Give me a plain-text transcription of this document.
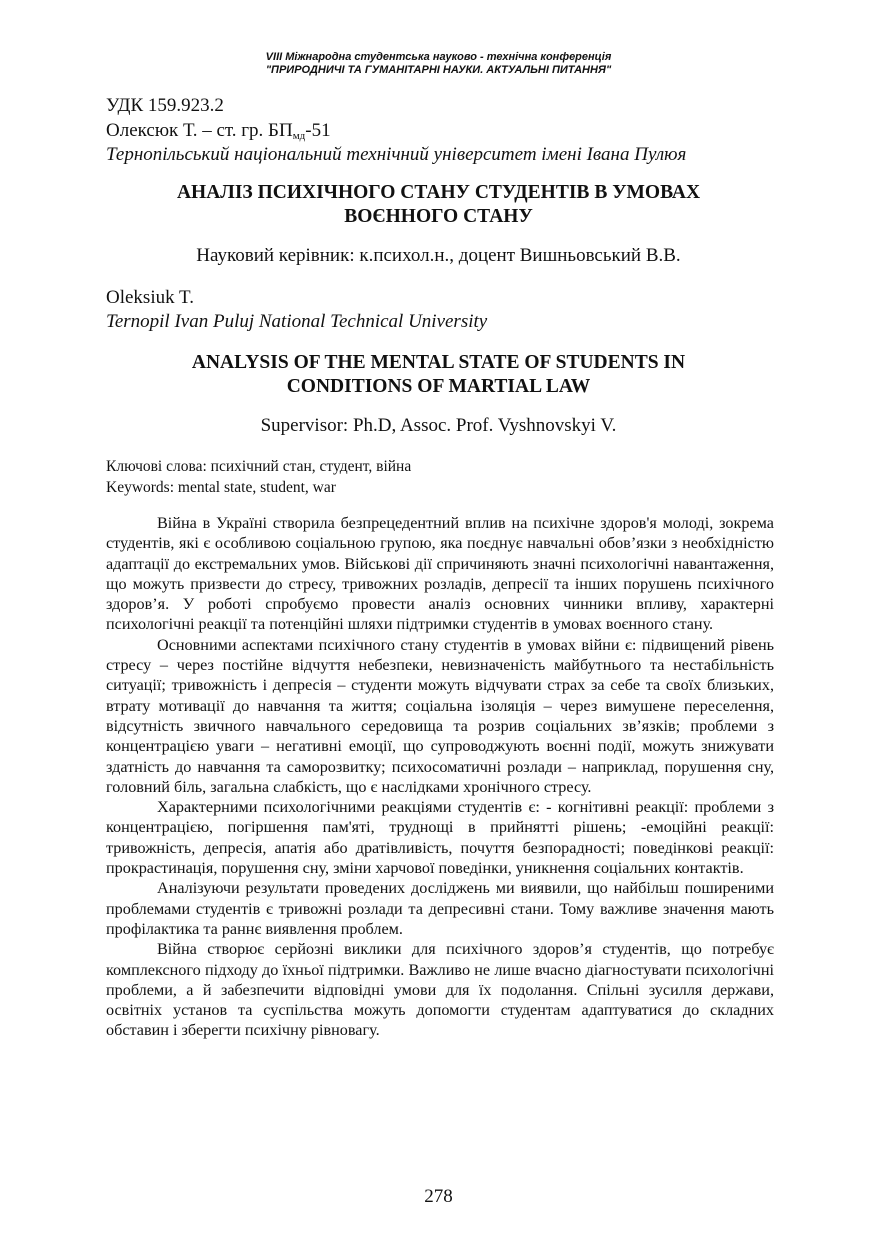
VIII Міжнародна студентська науково - технічна конференція
"ПРИРОДНИЧІ ТА ГУМАНІТАРНІ НАУКИ. АКТУАЛЬНІ ПИТАННЯ"
УДК 159.923.2
Олексюк Т. – ст. гр. $БП_{мд}-51$
Тернопільський національний технічний університет імені Івана Пулюя
АНАЛІЗ ПСИХІЧНОГО СТАНУ СТУДЕНТІВ В УМОВАХ
ВОЄННОГО СТАНУ
Науковий керівник: к.психол.н., доцент Вишньовський В.В.
Oleksiuk T.
Ternopil Ivan Puluj National Technical University
ANALYSIS OF THE MENTAL STATE OF STUDENTS IN
CONDITIONS OF MARTIAL LAW
Supervisor: Ph.D, Assoc. Prof. Vyshnovskyi V.
Ключові слова: психічний стан, студент, війна
Keywords: mental state, student, war

Війна в Україні створила безпрецедентний вплив на психічне здоров'я молоді, зокрема студентів, які є особливою соціальною групою, яка поєднує навчальні обов’язки з необхідністю адаптації до екстремальних умов. Військові дії спричиняють значні психологічні навантаження, що можуть призвести до стресу, тривожних розладів, депресії та інших порушень психічного здоров’я. У роботі спробуємо провести аналіз основних чинники впливу, характерні психологічні реакції та потенційні шляхи підтримки студентів в умовах воєнного стану.

Основними аспектами психічного стану студентів в умовах війни є: підвищений рівень стресу – через постійне відчуття небезпеки, невизначеність майбутнього та нестабільність ситуації; тривожність і депресія – студенти можуть відчувати страх за себе та своїх близьких, втрату мотивації до навчання та життя; соціальна ізоляція – через вимушене переселення, відсутність звичного навчального середовища та розрив соціальних зв’язків; проблеми з концентрацією уваги – негативні емоції, що супроводжують воєнні події, можуть знижувати здатність до навчання та саморозвитку; психосоматичні розлади – наприклад, порушення сну, головний біль, загальна слабкість, що є наслідками хронічного стресу.

Характерними психологічними реакціями студентів є: - когнітивні реакції: проблеми з концентрацією, погіршення пам'яті, труднощі в прийнятті рішень; -емоційні реакції: тривожність, депресія, апатія або дратівливість, почуття безпорадності; поведінкові реакції: прокрастинація, порушення сну, зміни харчової поведінки, уникнення соціальних контактів.

Аналізуючи результати проведених досліджень ми виявили, що найбільш поширеними проблемами студентів є тривожні розлади та депресивні стани. Тому важливе значення мають профілактика та раннє виявлення проблем.

Війна створює серйозні виклики для психічного здоров’я студентів, що потребує комплексного підходу до їхньої підтримки. Важливо не лише вчасно діагностувати психологічні проблеми, а й забезпечити відповідні умови для їх подолання. Спільні зусилля держави, освітніх установ та суспільства можуть допомогти студентам адаптуватися до складних обставин і зберегти психічну рівновагу.

278
